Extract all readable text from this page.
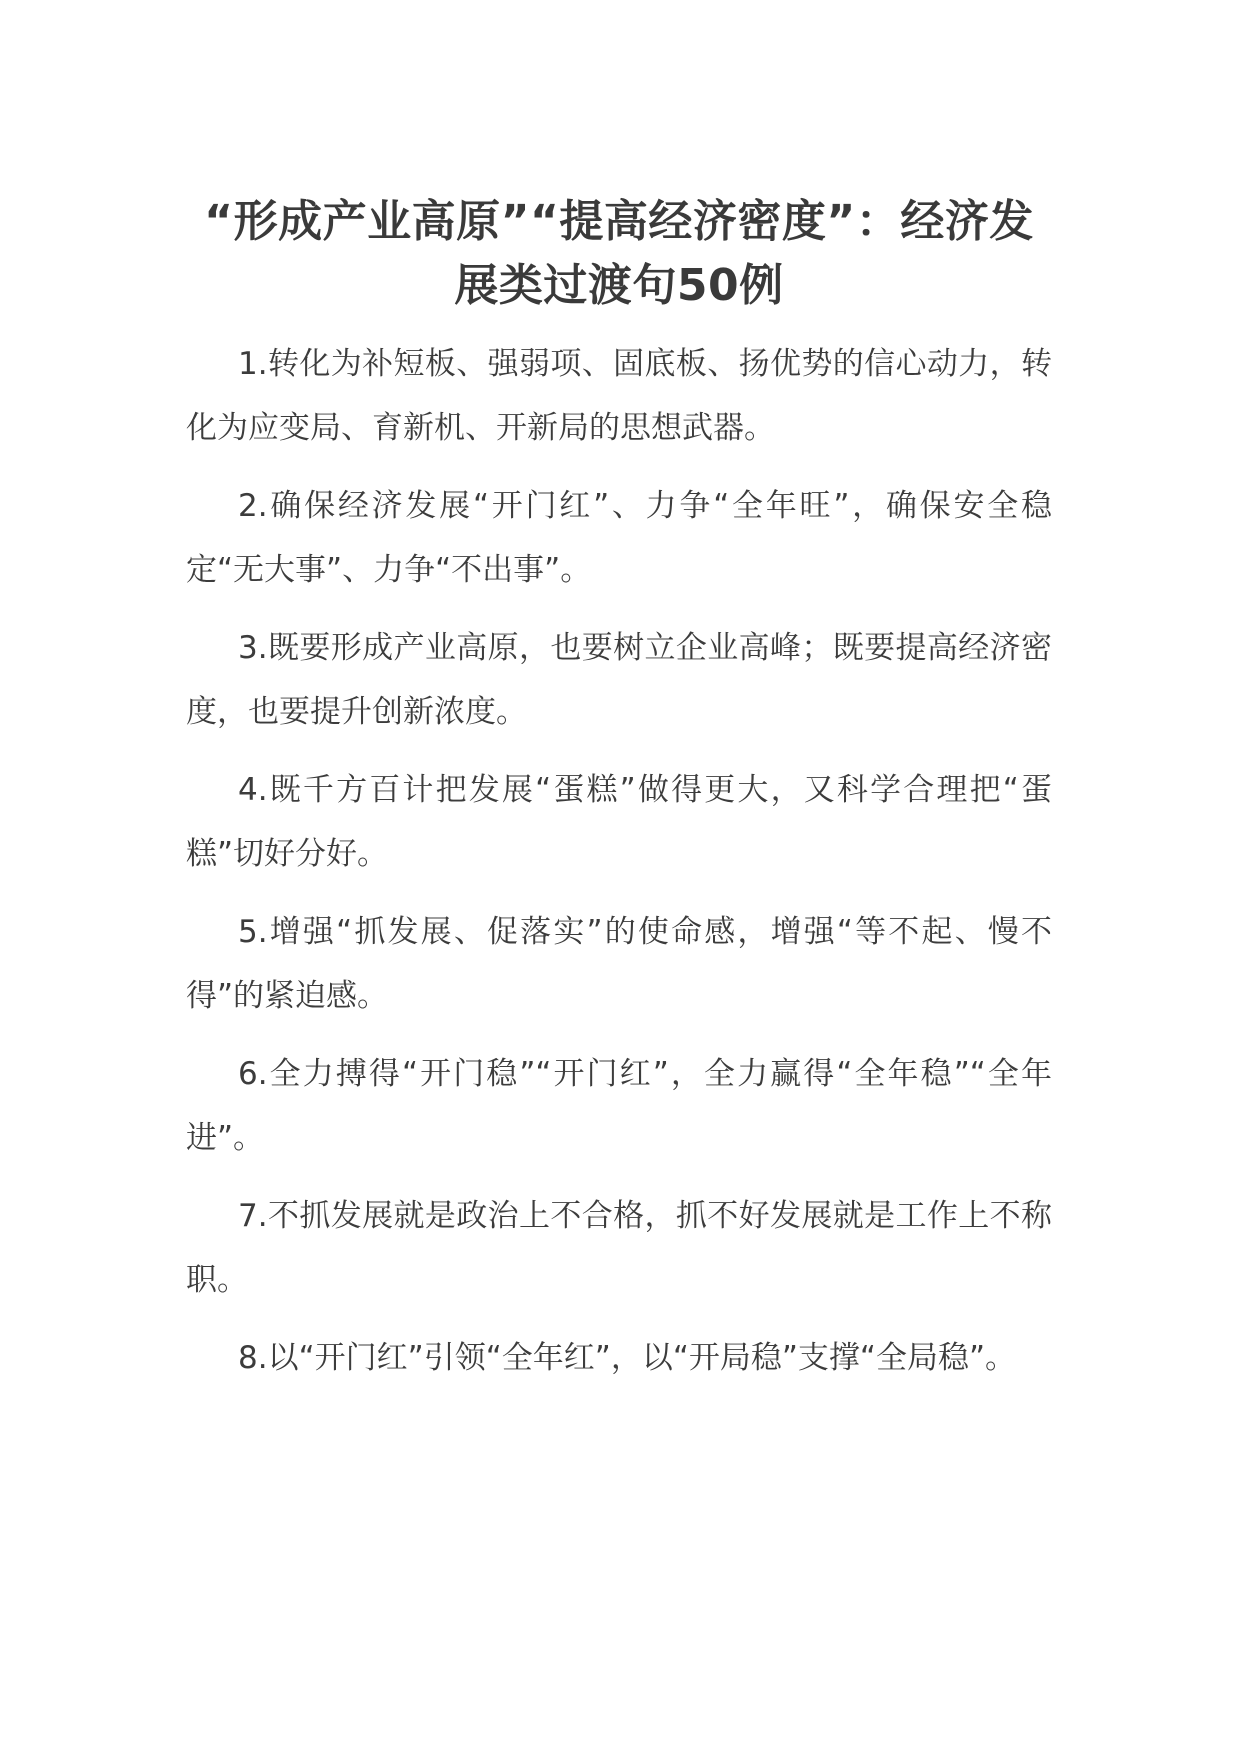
“形成产业高原”“提高经济密度”：经济发展类过渡句50例
1.转化为补短板、强弱项、固底板、扬优势的信心动力，转化为应变局、育新机、开新局的思想武器。
2.确保经济发展“开门红”、力争“全年旺”，确保安全稳定“无大事”、力争“不出事”。
3.既要形成产业高原，也要树立企业高峰；既要提高经济密度，也要提升创新浓度。
4.既千方百计把发展“蛋糕”做得更大，又科学合理把“蛋糕”切好分好。
5.增强“抓发展、促落实”的使命感，增强“等不起、慢不得”的紧迫感。
6.全力搏得“开门稳”“开门红”，全力赢得“全年稳”“全年进”。
7.不抓发展就是政治上不合格，抓不好发展就是工作上不称职。
8.以“开门红”引领“全年红”，以“开局稳”支撑“全局稳”。
